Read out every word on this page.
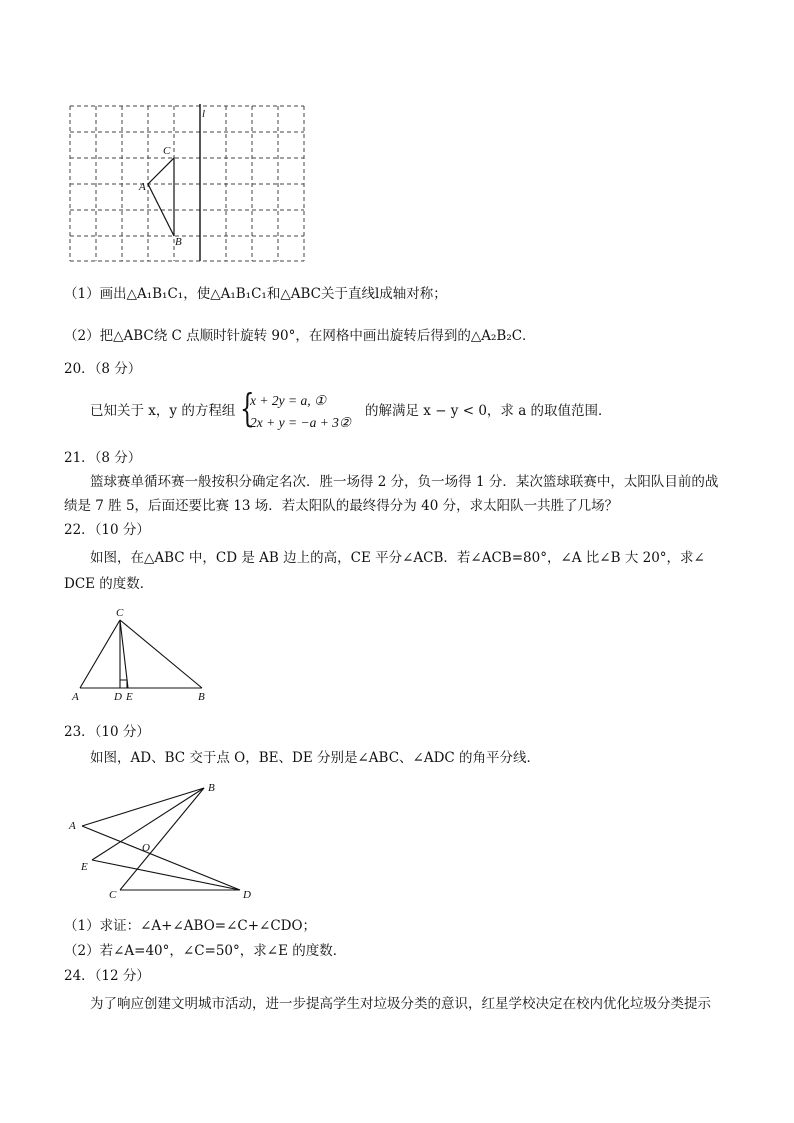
l
A
C
B
（1）画出△A₁B₁C₁，使△A₁B₁C₁和△ABC关于直线l成轴对称；
（2）把△ABC绕 C 点顺时针旋转 90°，在网格中画出旋转后得到的△A₂B₂C．
20．（8 分）
已知关于 x，y 的方程组 {
x + 2y = a, ①
2x + y = −a + 3②
的解满足 x − y < 0，求 a 的取值范围．
21．（8 分）
篮球赛单循环赛一般按积分确定名次．胜一场得 2 分，负一场得 1 分．某次篮球联赛中，太阳队目前的战
绩是 7 胜 5，后面还要比赛 13 场．若太阳队的最终得分为 40 分，求太阳队一共胜了几场？
22．（10 分）
如图，在△ABC 中，CD 是 AB 边上的高，CE 平分∠ACB．若∠ACB=80°，∠A 比∠B 大 20°，求∠
DCE 的度数．
C
A	D E	B
23．（10 分）
如图，AD、BC 交于点 O，BE、DE 分别是∠ABC、∠ADC 的角平分线．
B
A
O
E
C	D
（1）求证：∠A+∠ABO=∠C+∠CDO；
（2）若∠A=40°，∠C=50°，求∠E 的度数．
24．（12 分）
为了响应创建文明城市活动，进一步提高学生对垃圾分类的意识，红星学校决定在校内优化垃圾分类提示
